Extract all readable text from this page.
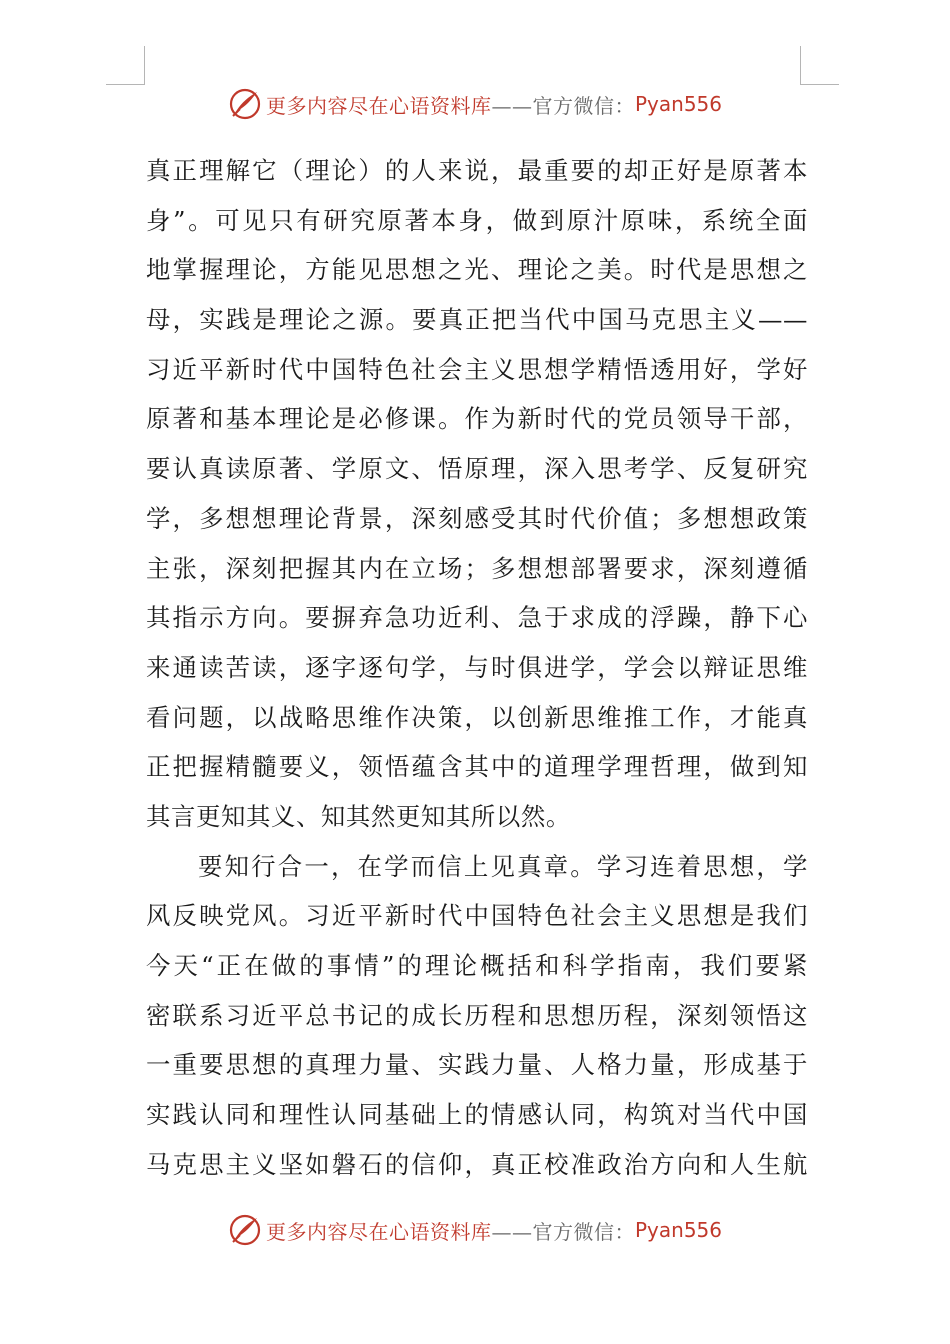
更多内容尽在心语资料库 ——官方微信： Pyan556
真正理解它（理论）的人来说，最重要的却正好是原著本
身”。可见只有研究原著本身，做到原汁原味，系统全面
地掌握理论，方能见思想之光、理论之美。时代是思想之
母，实践是理论之源。要真正把当代中国马克思主义——
习近平新时代中国特色社会主义思想学精悟透用好，学好
原著和基本理论是必修课。作为新时代的党员领导干部，
要认真读原著、学原文、悟原理，深入思考学、反复研究
学，多想想理论背景，深刻感受其时代价值；多想想政策
主张，深刻把握其内在立场；多想想部署要求，深刻遵循
其指示方向。要摒弃急功近利、急于求成的浮躁，静下心
来通读苦读，逐字逐句学，与时俱进学，学会以辩证思维
看问题，以战略思维作决策，以创新思维推工作，才能真
正把握精髓要义，领悟蕴含其中的道理学理哲理，做到知
其言更知其义、知其然更知其所以然。
要知行合一，在学而信上见真章。学习连着思想，学
风反映党风。习近平新时代中国特色社会主义思想是我们
今天“正在做的事情”的理论概括和科学指南，我们要紧
密联系习近平总书记的成长历程和思想历程，深刻领悟这
一重要思想的真理力量、实践力量、人格力量，形成基于
实践认同和理性认同基础上的情感认同，构筑对当代中国
马克思主义坚如磐石的信仰，真正校准政治方向和人生航
更多内容尽在心语资料库 ——官方微信： Pyan556
